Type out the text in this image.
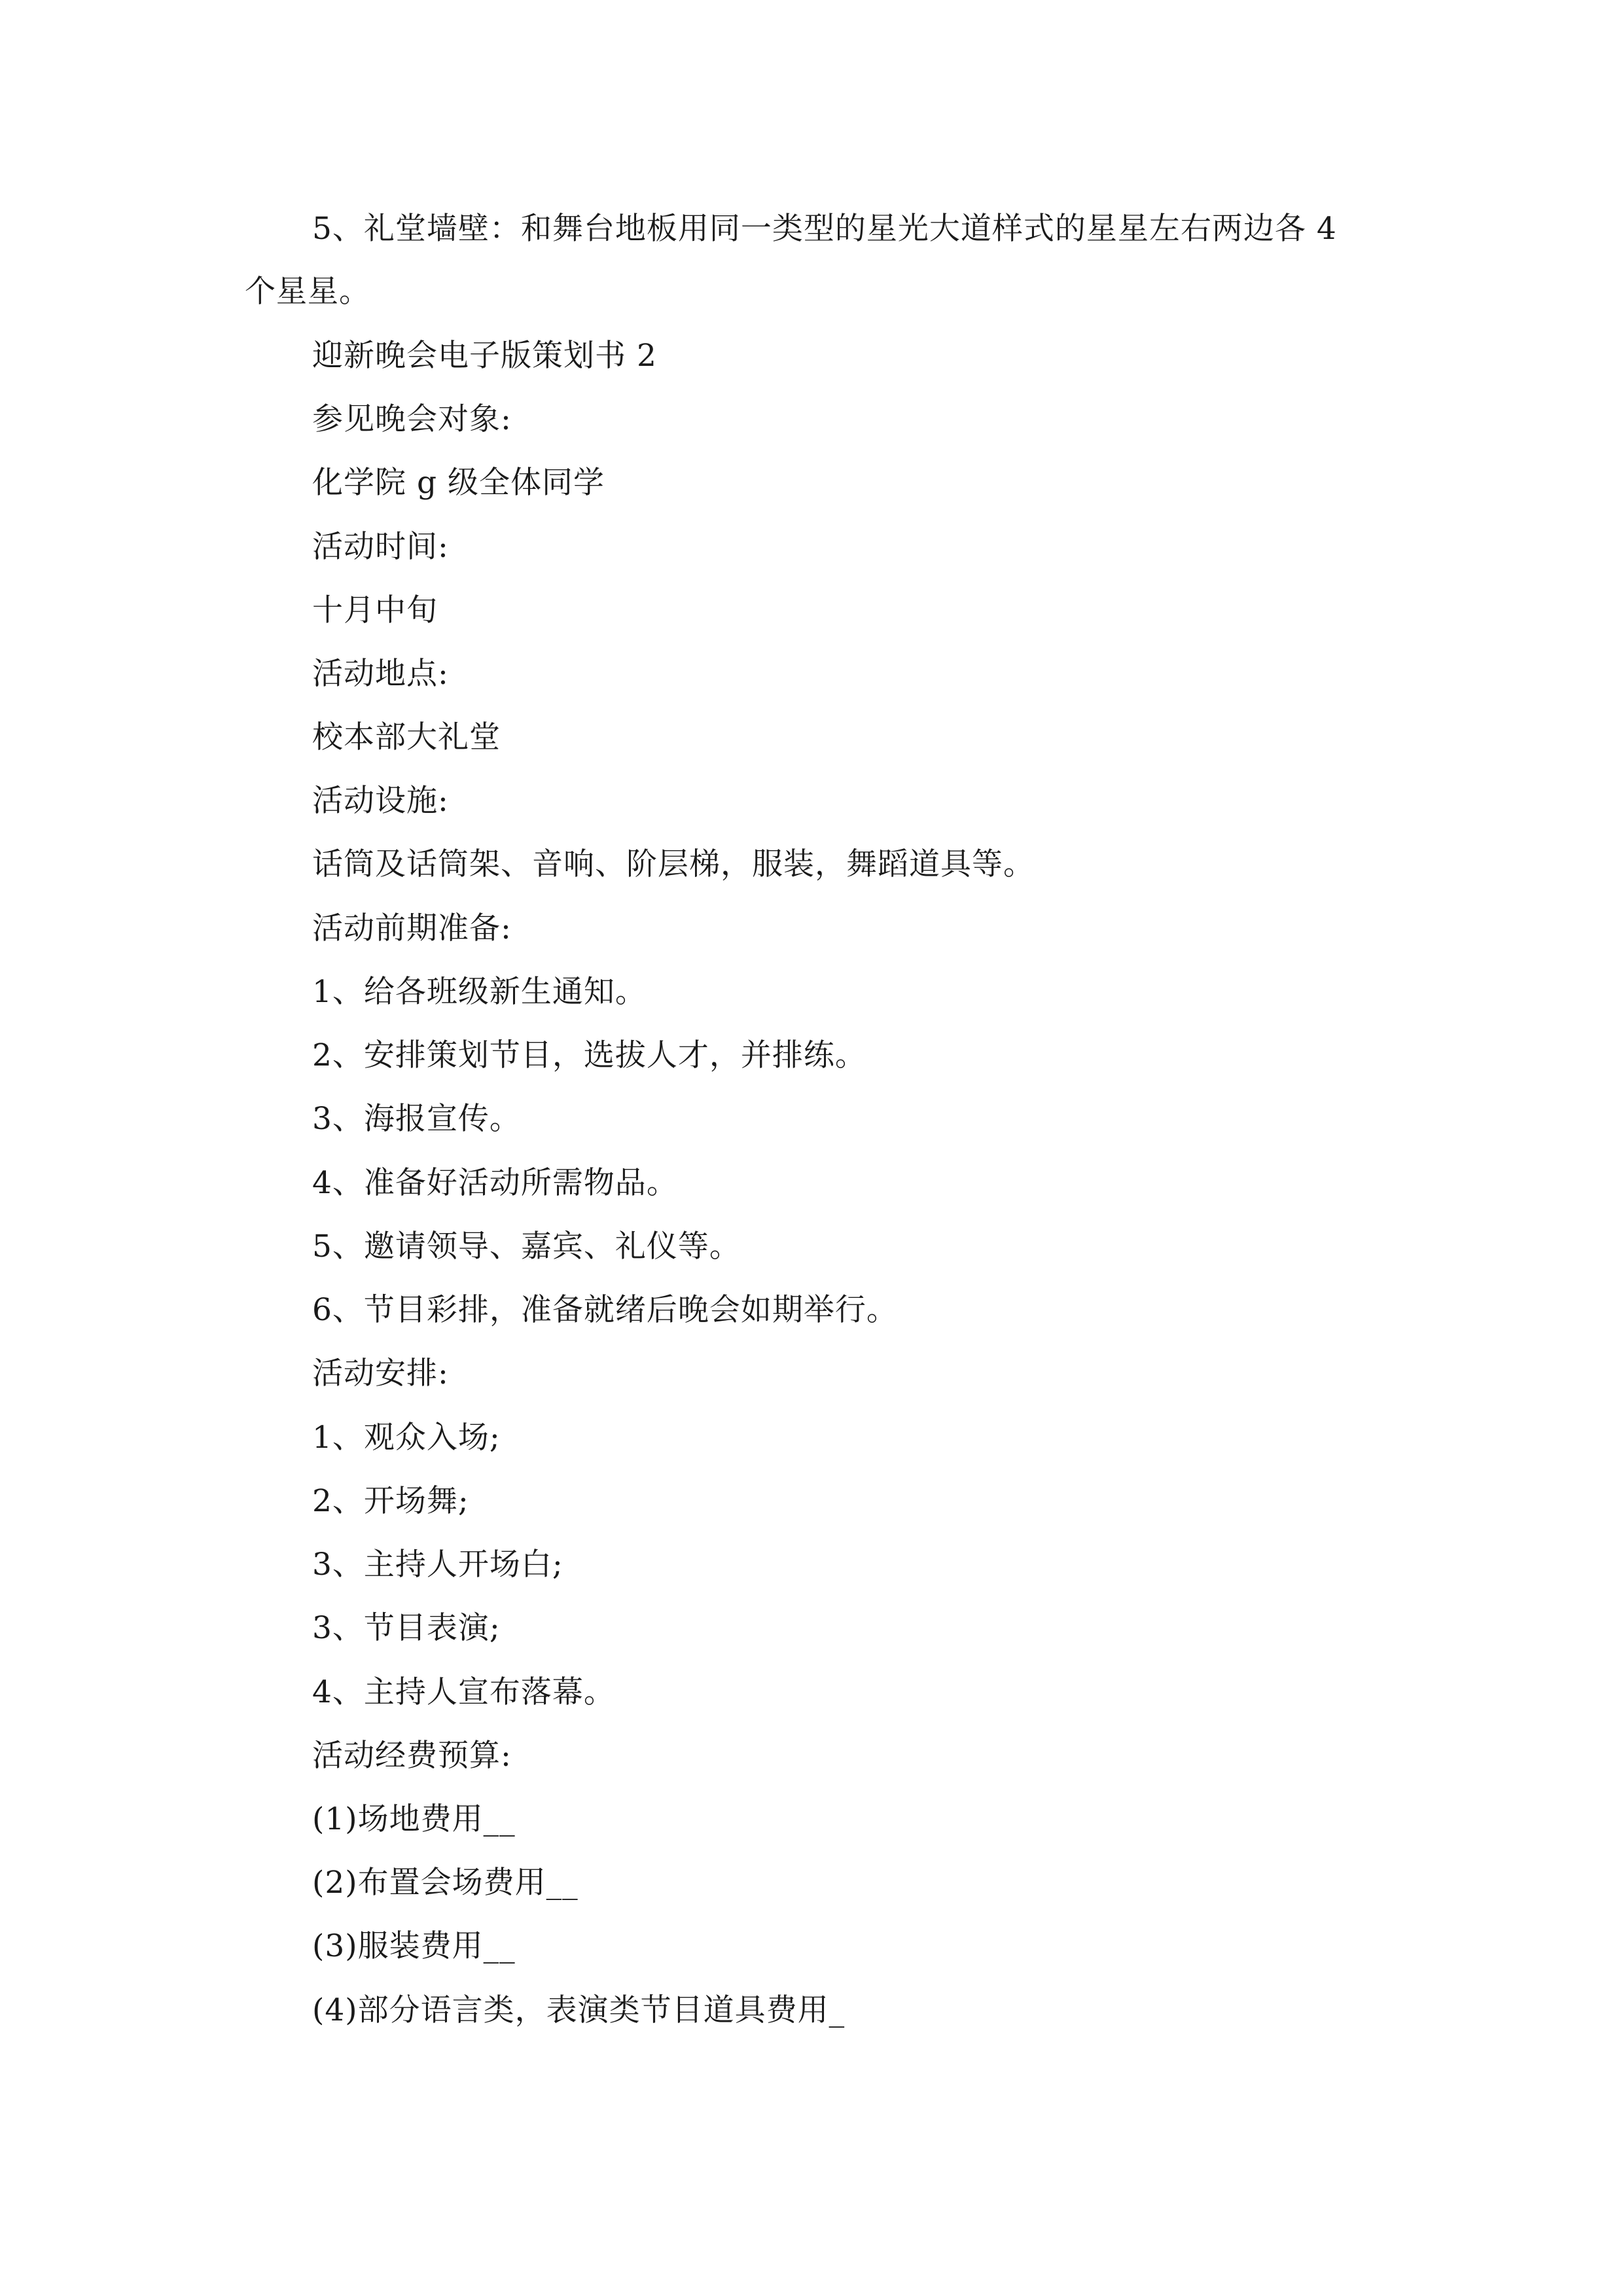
5、礼堂墙壁：和舞台地板用同一类型的星光大道样式的星星左右两边各 4
个星星。
迎新晚会电子版策划书 2
参见晚会对象:
化学院 g 级全体同学
活动时间:
十月中旬
活动地点:
校本部大礼堂
活动设施:
话筒及话筒架、音响、阶层梯，服装，舞蹈道具等。
活动前期准备:
1、给各班级新生通知。
2、安排策划节目，选拔人才，并排练。
3、海报宣传。
4、准备好活动所需物品。
5、邀请领导、嘉宾、礼仪等。
6、节目彩排，准备就绪后晚会如期举行。
活动安排:
1、观众入场;
2、开场舞;
3、主持人开场白;
3、节目表演;
4、主持人宣布落幕。
活动经费预算:
(1)场地费用__
(2)布置会场费用__
(3)服装费用__
(4)部分语言类，表演类节目道具费用_
